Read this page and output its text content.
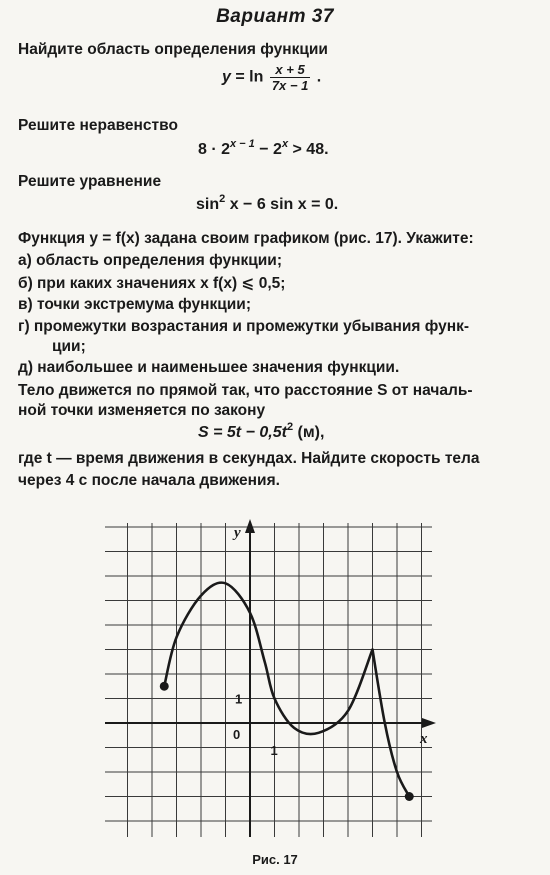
Вариант 37
Найдите область определения функции
$y = \ln \frac{x + 5}{7x - 1}$ .
Решите неравенство
$8 \cdot 2^{x - 1} - 2^x > 48$.
Решите уравнение
$\sin^2 x - 6$ sin x = 0.
Функция y = f(x) задана своим графиком (рис. 17). Укажите:
а) область определения функции;
б) при каких значениях x f(x) ⩽ 0,5;
в) точки экстремума функции;
г) промежутки возрастания и промежутки убывания функ-
ции;
д) наибольшее и наименьшее значения функции.
Тело движется по прямой так, что расстояние S от началь-
ной точки изменяется по закону
$S = 5t - 0,5t^2$ (м),
где t — время движения в секундах. Найдите скорость тела
через 4 с после начала движения.
x
y
0
1
1
Рис. 17
